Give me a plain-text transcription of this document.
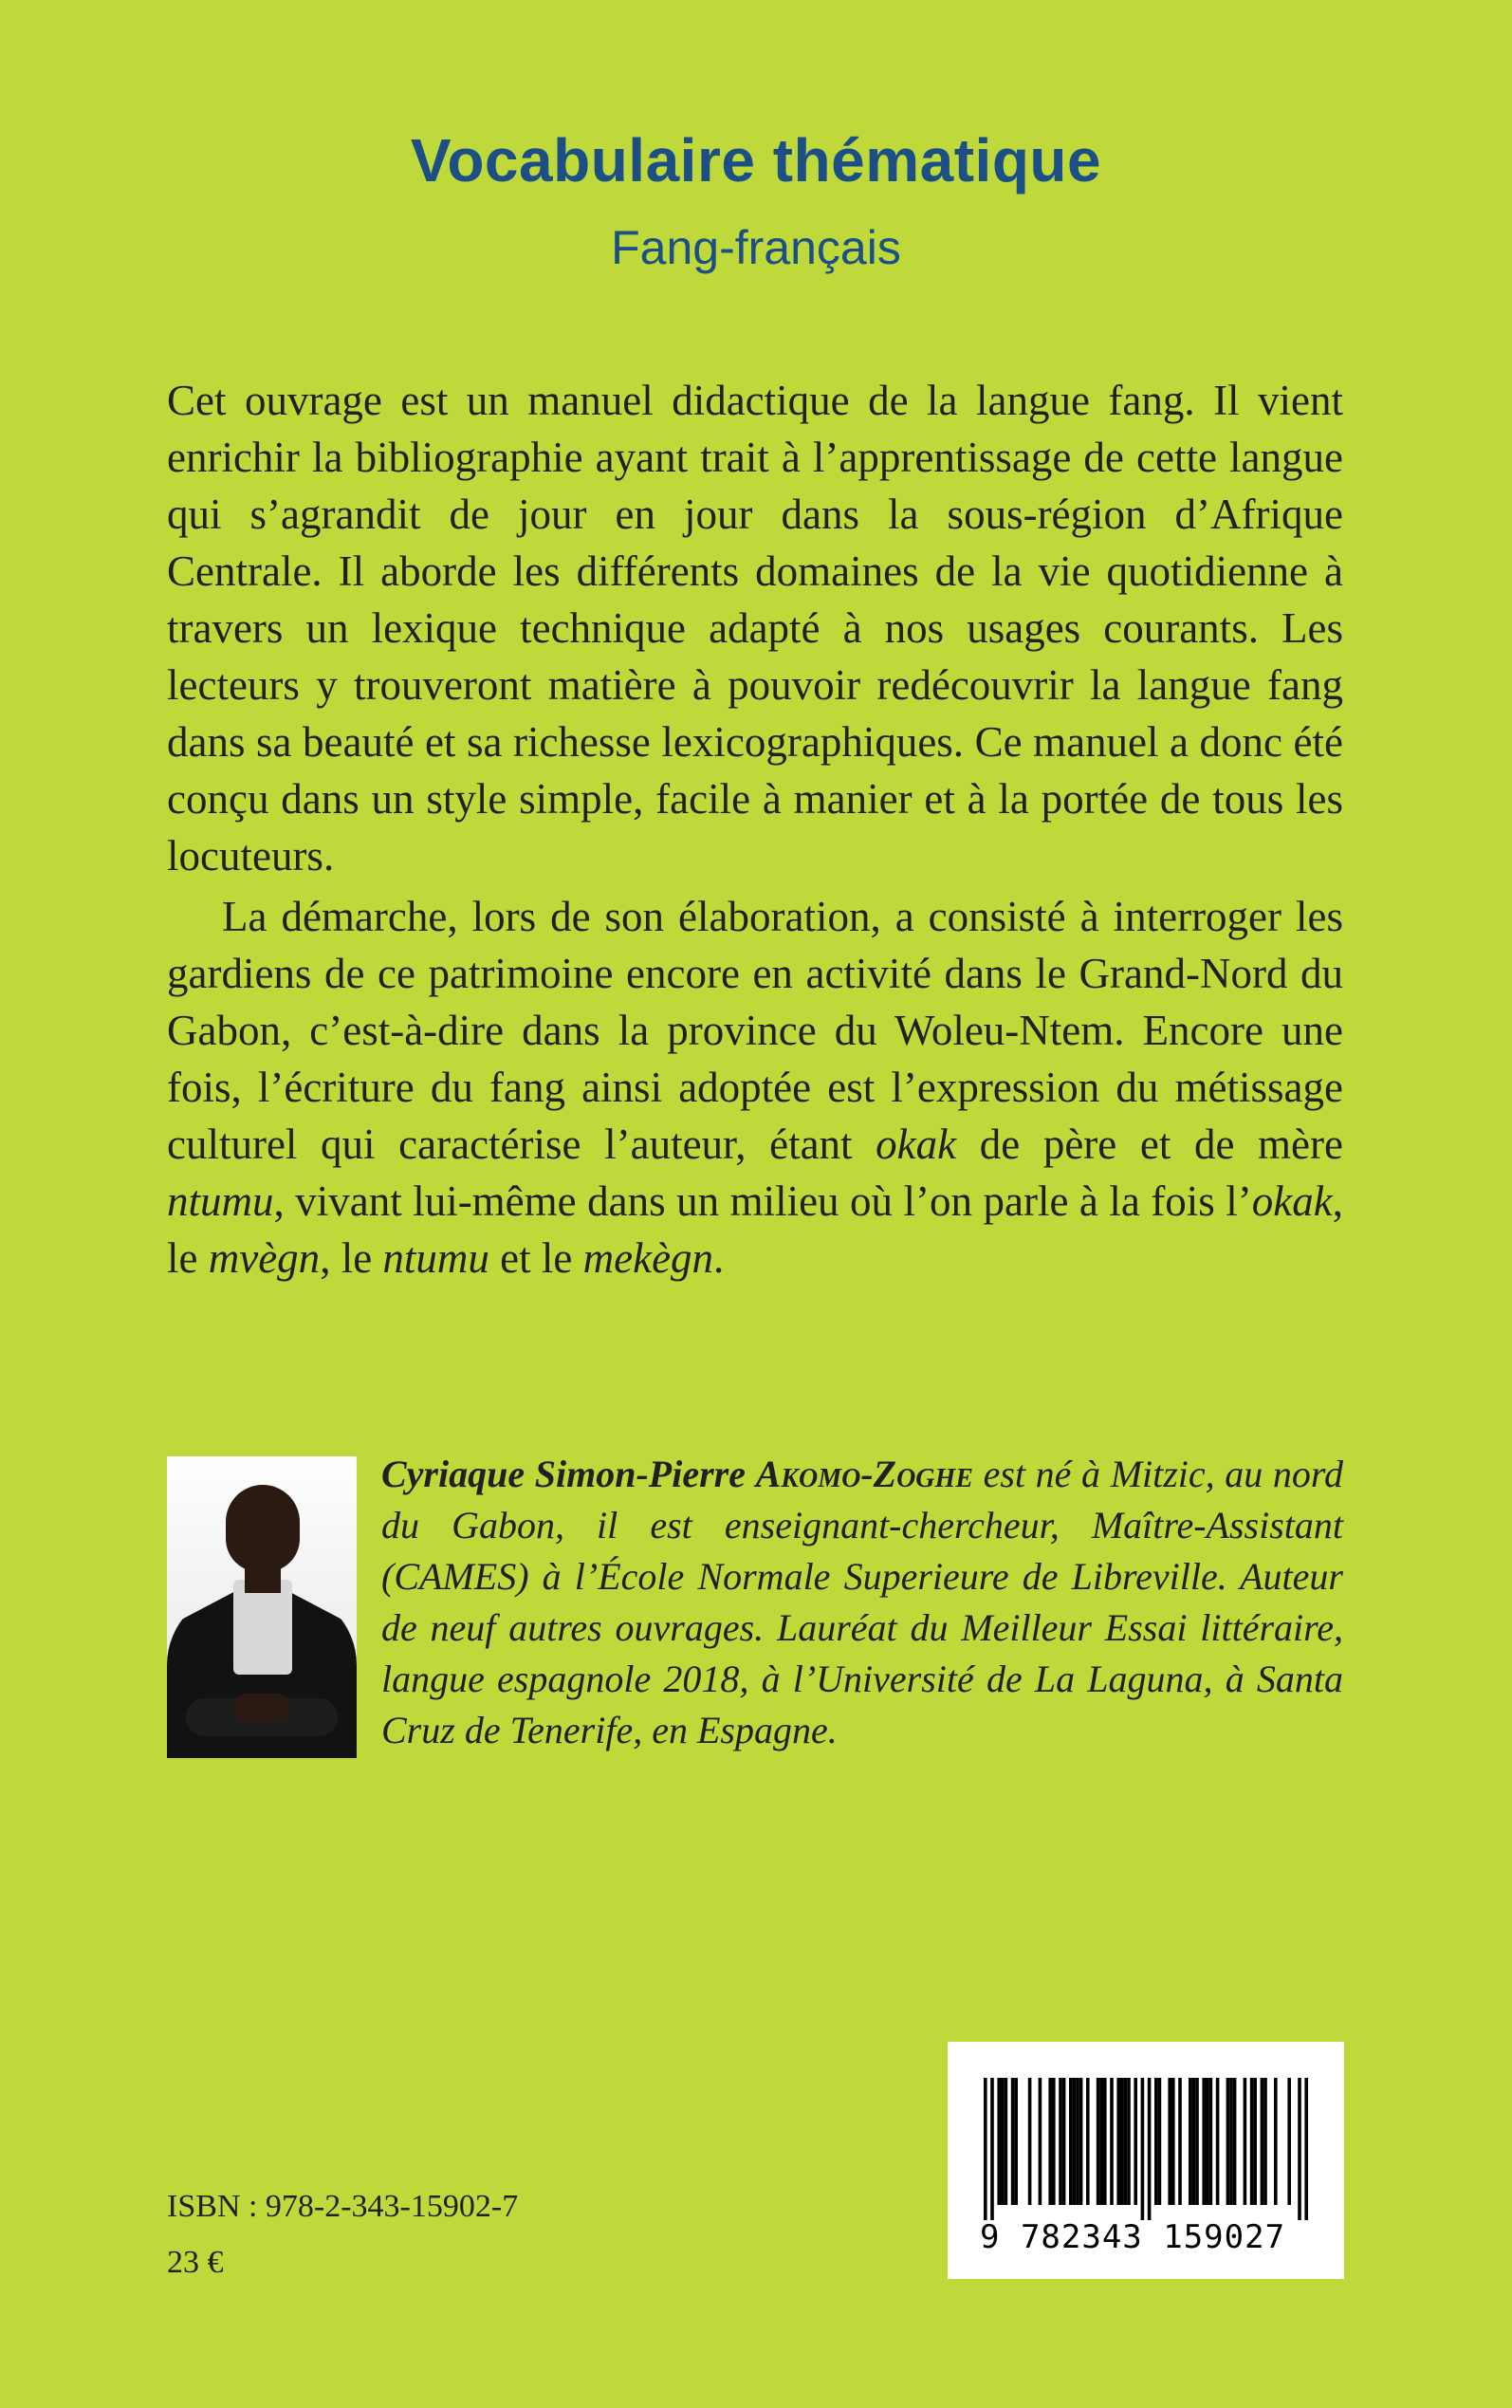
Vocabulaire thématique
Fang-français

Cet ouvrage est un manuel didactique de la langue fang. Il vient enrichir la bibliographie ayant trait à l’apprentissage de cette langue qui s’agrandit de jour en jour dans la sous-région d’Afrique Centrale. Il aborde les différents domaines de la vie quotidienne à travers un lexique technique adapté à nos usages courants. Les lecteurs y trouveront matière à pouvoir redécouvrir la langue fang dans sa beauté et sa richesse lexicographiques. Ce manuel a donc été conçu dans un style simple, facile à manier et à la portée de tous les locuteurs.

La démarche, lors de son élaboration, a consisté à interroger les gardiens de ce patrimoine encore en activité dans le Grand-Nord du Gabon, c’est-à-dire dans la province du Woleu-Ntem. Encore une fois, l’écriture du fang ainsi adoptée est l’expression du métissage culturel qui caractérise l’auteur, étant okak de père et de mère ntumu, vivant lui-même dans un milieu où l’on parle à la fois l’okak, le mvègn, le ntumu et le mekègn.

Cyriaque Simon-Pierre Akomo-Zoghe est né à Mitzic, au nord du Gabon, il est enseignant-chercheur, Maître-Assistant (CAMES) à l’École Normale Superieure de Libreville. Auteur de neuf autres ouvrages. Lauréat du Meilleur Essai littéraire, langue espagnole 2018, à l’Université de La Laguna, à Santa Cruz de Tenerife, en Espagne.
9 782343 159027
ISBN : 978-2-343-15902-7
23 €
